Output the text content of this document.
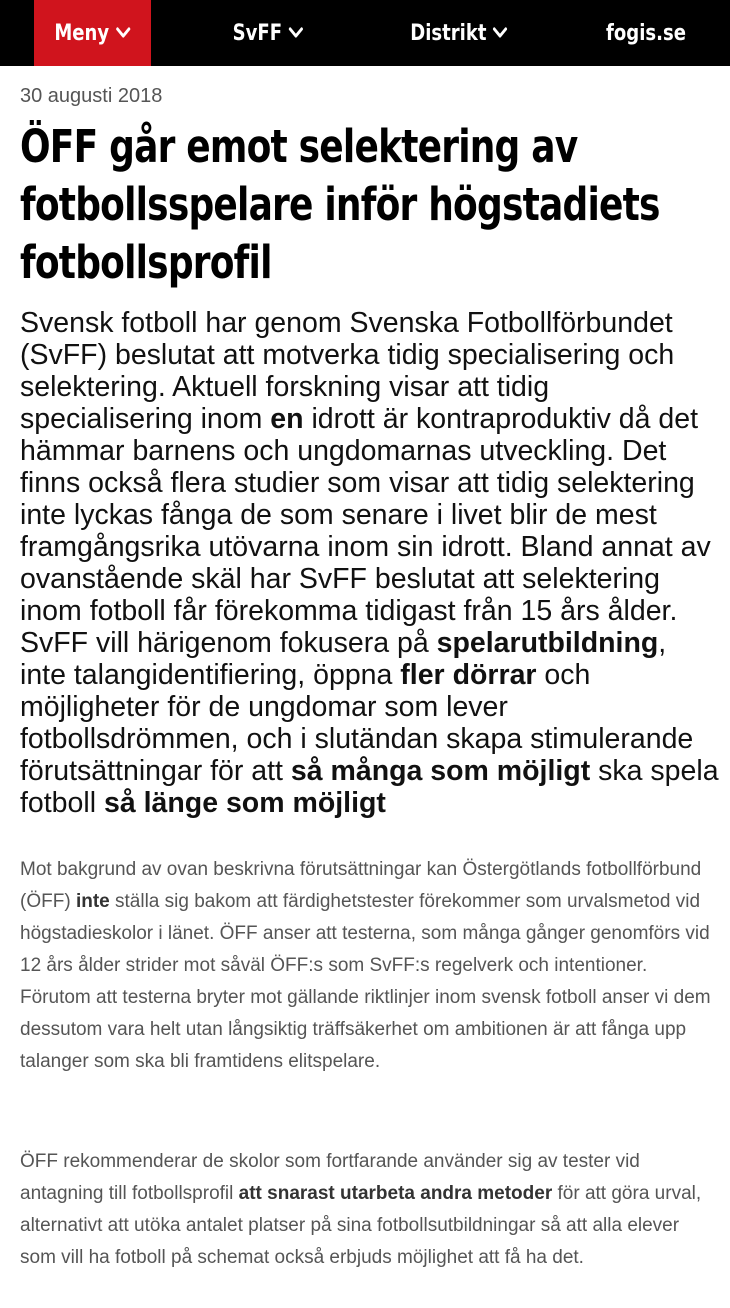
Meny	SvFF	Distrikt	fogis.se

30 augusti 2018

ÖFF går emot selektering av fotbollsspelare inför högstadiets fotbollsprofil

Svensk fotboll har genom Svenska Fotbollförbundet (SvFF) beslutat att motverka tidig specialisering och selektering. Aktuell forskning visar att tidig specialisering inom en idrott är kontraproduktiv då det hämmar barnens och ungdomarnas utveckling. Det finns också flera studier som visar att tidig selektering inte lyckas fånga de som senare i livet blir de mest framgångsrika utövarna inom sin idrott. Bland annat av ovanstående skäl har SvFF beslutat att selektering inom fotboll får förekomma tidigast från 15 års ålder. SvFF vill härigenom fokusera på spelarutbildning, inte talangidentifiering, öppna fler dörrar och möjligheter för de ungdomar som lever fotbollsdrömmen, och i slutändan skapa stimulerande förutsättningar för att så många som möjligt ska spela fotboll så länge som möjligt

Mot bakgrund av ovan beskrivna förutsättningar kan Östergötlands fotbollförbund (ÖFF) inte ställa sig bakom att färdighetstester förekommer som urvalsmetod vid högstadieskolor i länet. ÖFF anser att testerna, som många gånger genomförs vid 12 års ålder strider mot såväl ÖFF:s som SvFF:s regelverk och intentioner. Förutom att testerna bryter mot gällande riktlinjer inom svensk fotboll anser vi dem dessutom vara helt utan långsiktig träffsäkerhet om ambitionen är att fånga upp talanger som ska bli framtidens elitspelare.

ÖFF rekommenderar de skolor som fortfarande använder sig av tester vid antagning till fotbollsprofil att snarast utarbeta andra metoder för att göra urval, alternativt att utöka antalet platser på sina fotbollsutbildningar så att alla elever som vill ha fotboll på schemat också erbjuds möjlighet att få ha det.
